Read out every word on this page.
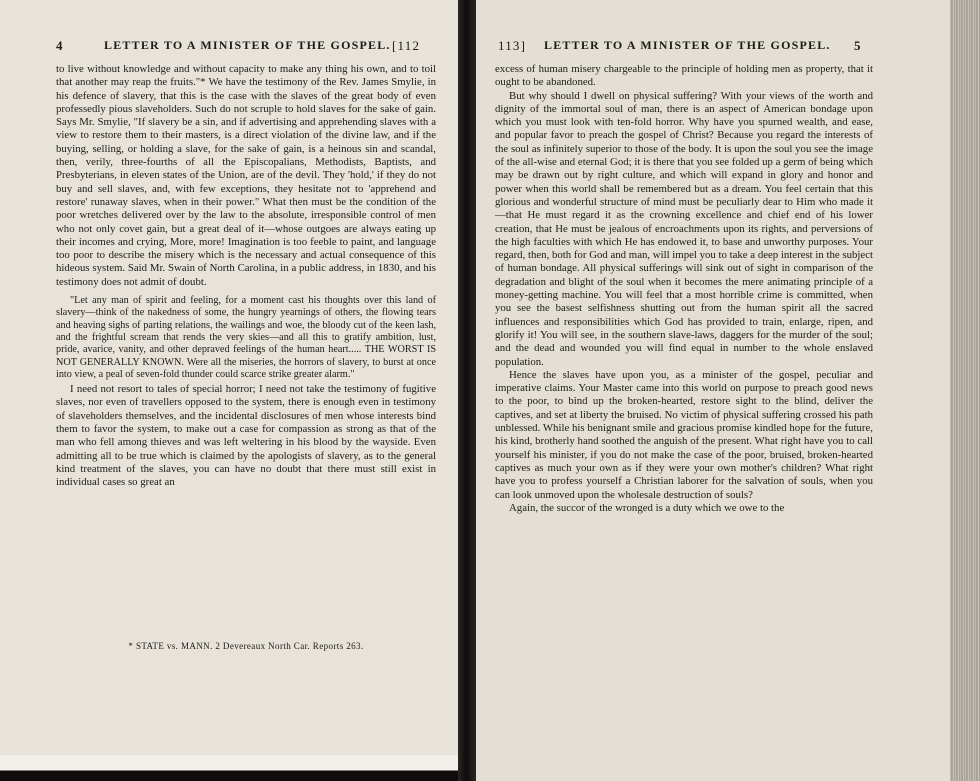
4	LETTER TO A MINISTER OF THE GOSPEL. [112

to live without knowledge and without capacity to make any thing his own, and to toil that another may reap the fruits."* We have the testimony of the Rev. James Smylie, in his defence of slavery, that this is the case with the slaves of the great body of even professedly pious slaveholders. Such do not scruple to hold slaves for the sake of gain. Says Mr. Smylie, "If slavery be a sin, and if advertising and apprehending slaves with a view to restore them to their masters, is a direct violation of the divine law, and if the buying, selling, or holding a slave, for the sake of gain, is a heinous sin and scandal, then, verily, three-fourths of all the Episcopalians, Methodists, Baptists, and Presbyterians, in eleven states of the Union, are of the devil. They 'hold,' if they do not buy and sell slaves, and, with few exceptions, they hesitate not to 'apprehend and restore' runaway slaves, when in their power." What then must be the condition of the poor wretches delivered over by the law to the absolute, irresponsible control of men who not only covet gain, but a great deal of it—whose outgoes are always eating up their incomes and crying, More, more! Imagination is too feeble to paint, and language too poor to describe the misery which is the necessary and actual consequence of this hideous system. Said Mr. Swain of North Carolina, in a public address, in 1830, and his testimony does not admit of doubt.

"Let any man of spirit and feeling, for a moment cast his thoughts over this land of slavery—think of the nakedness of some, the hungry yearnings of others, the flowing tears and heaving sighs of parting relations, the wailings and woe, the bloody cut of the keen lash, and the frightful scream that rends the very skies—and all this to gratify ambition, lust, pride, avarice, vanity, and other depraved feelings of the human heart..... THE WORST IS NOT GENERALLY KNOWN. Were all the miseries, the horrors of slavery, to burst at once into view, a peal of seven-fold thunder could scarce strike greater alarm."

I need not resort to tales of special horror; I need not take the testimony of fugitive slaves, nor even of travellers opposed to the system, there is enough even in testimony of slaveholders themselves, and the incidental disclosures of men whose interests bind them to favor the system, to make out a case for compassion as strong as that of the man who fell among thieves and was left weltering in his blood by the wayside. Even admitting all to be true which is claimed by the apologists of slavery, as to the general kind treatment of the slaves, you can have no doubt that there must still exist in individual cases so great an

* STATE vs. MANN. 2 Devereaux North Car. Reports 263.
113] LETTER TO A MINISTER OF THE GOSPEL. 5

excess of human misery chargeable to the principle of holding men as property, that it ought to be abandoned.

But why should I dwell on physical suffering? With your views of the worth and dignity of the immortal soul of man, there is an aspect of American bondage upon which you must look with ten-fold horror. Why have you spurned wealth, and ease, and popular favor to preach the gospel of Christ? Because you regard the interests of the soul as infinitely superior to those of the body. It is upon the soul you see the image of the all-wise and eternal God; it is there that you see folded up a germ of being which may be drawn out by right culture, and which will expand in glory and honor and power when this world shall be remembered but as a dream. You feel certain that this glorious and wonderful structure of mind must be peculiarly dear to Him who made it—that He must regard it as the crowning excellence and chief end of his lower creation, that He must be jealous of encroachments upon its rights, and perversions of the high faculties with which He has endowed it, to base and unworthy purposes. Your regard, then, both for God and man, will impel you to take a deep interest in the subject of human bondage. All physical sufferings will sink out of sight in comparison of the degradation and blight of the soul when it becomes the mere animating principle of a money-getting machine. You will feel that a most horrible crime is committed, when you see the basest selfishness shutting out from the human spirit all the sacred influences and responsibilities which God has provided to train, enlarge, ripen, and glorify it! You will see, in the southern slave-laws, daggers for the murder of the soul; and the dead and wounded you will find equal in number to the whole enslaved population.

Hence the slaves have upon you, as a minister of the gospel, peculiar and imperative claims. Your Master came into this world on purpose to preach good news to the poor, to bind up the broken-hearted, restore sight to the blind, deliver the captives, and set at liberty the bruised. No victim of physical suffering crossed his path unblessed. While his benignant smile and gracious promise kindled hope for the future, his kind, brotherly hand soothed the anguish of the present. What right have you to call yourself his minister, if you do not make the case of the poor, bruised, broken-hearted captives as much your own as if they were your own mother's children? What right have you to profess yourself a Christian laborer for the salvation of souls, when you can look unmoved upon the wholesale destruction of souls?

Again, the succor of the wronged is a duty which we owe to the
